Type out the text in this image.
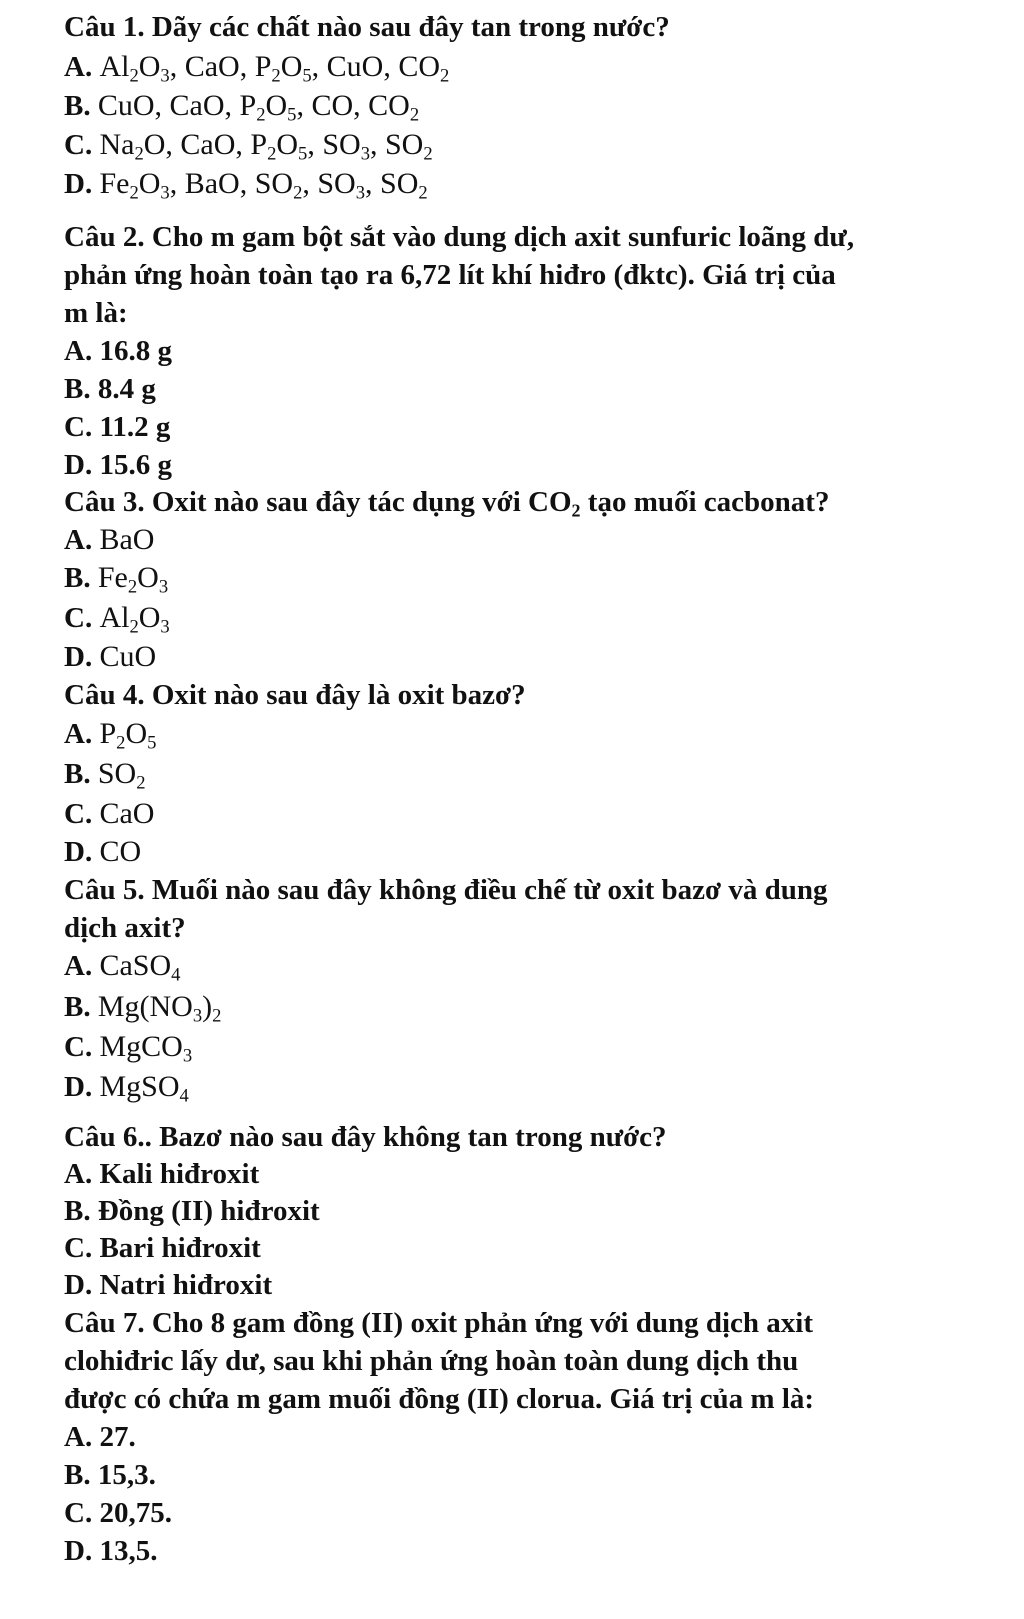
Câu 1. Dãy các chất nào sau đây tan trong nước?
A. $Al_2O_3$, CaO, $P_2O_5$, CuO, $CO_2$
B. CuO, CaO, $P_2O_5$, CO, $CO_2$
C. $Na_2O$, CaO, $P_2O_5$, $SO_3$, $SO_2$
D. $Fe_2O_3$, BaO, $SO_2$, $SO_3$, $SO_2$
Câu 2. Cho m gam bột sắt vào dung dịch axit sunfuric loãng dư,
phản ứng hoàn toàn tạo ra 6,72 lít khí hiđro (đktc). Giá trị của
m là:
A. 16.8 g
B. 8.4 g
C. 11.2 g
D. 15.6 g
Câu 3. Oxit nào sau đây tác dụng với $CO_2$ tạo muối cacbonat?
A. BaO
B. $Fe_2O_3$
C. $Al_2O_3$
D. CuO
Câu 4. Oxit nào sau đây là oxit bazơ?
A. $P_2O_5$
B. $SO_2$
C. CaO
D. CO
Câu 5. Muối nào sau đây không điều chế từ oxit bazơ và dung
dịch axit?
A. CaSO$_4$
B. $Mg(NO_3)_2$
C. MgCO$_3$
D. MgSO$_4$
Câu 6.. Bazơ nào sau đây không tan trong nước?
A. Kali hiđroxit
B. Đồng (II) hiđroxit
C. Bari hiđroxit
D. Natri hiđroxit
Câu 7. Cho 8 gam đồng (II) oxit phản ứng với dung dịch axit
clohiđric lấy dư, sau khi phản ứng hoàn toàn dung dịch thu
được có chứa m gam muối đồng (II) clorua. Giá trị của m là:
A. 27.
B. 15,3.
C. 20,75.
D. 13,5.
